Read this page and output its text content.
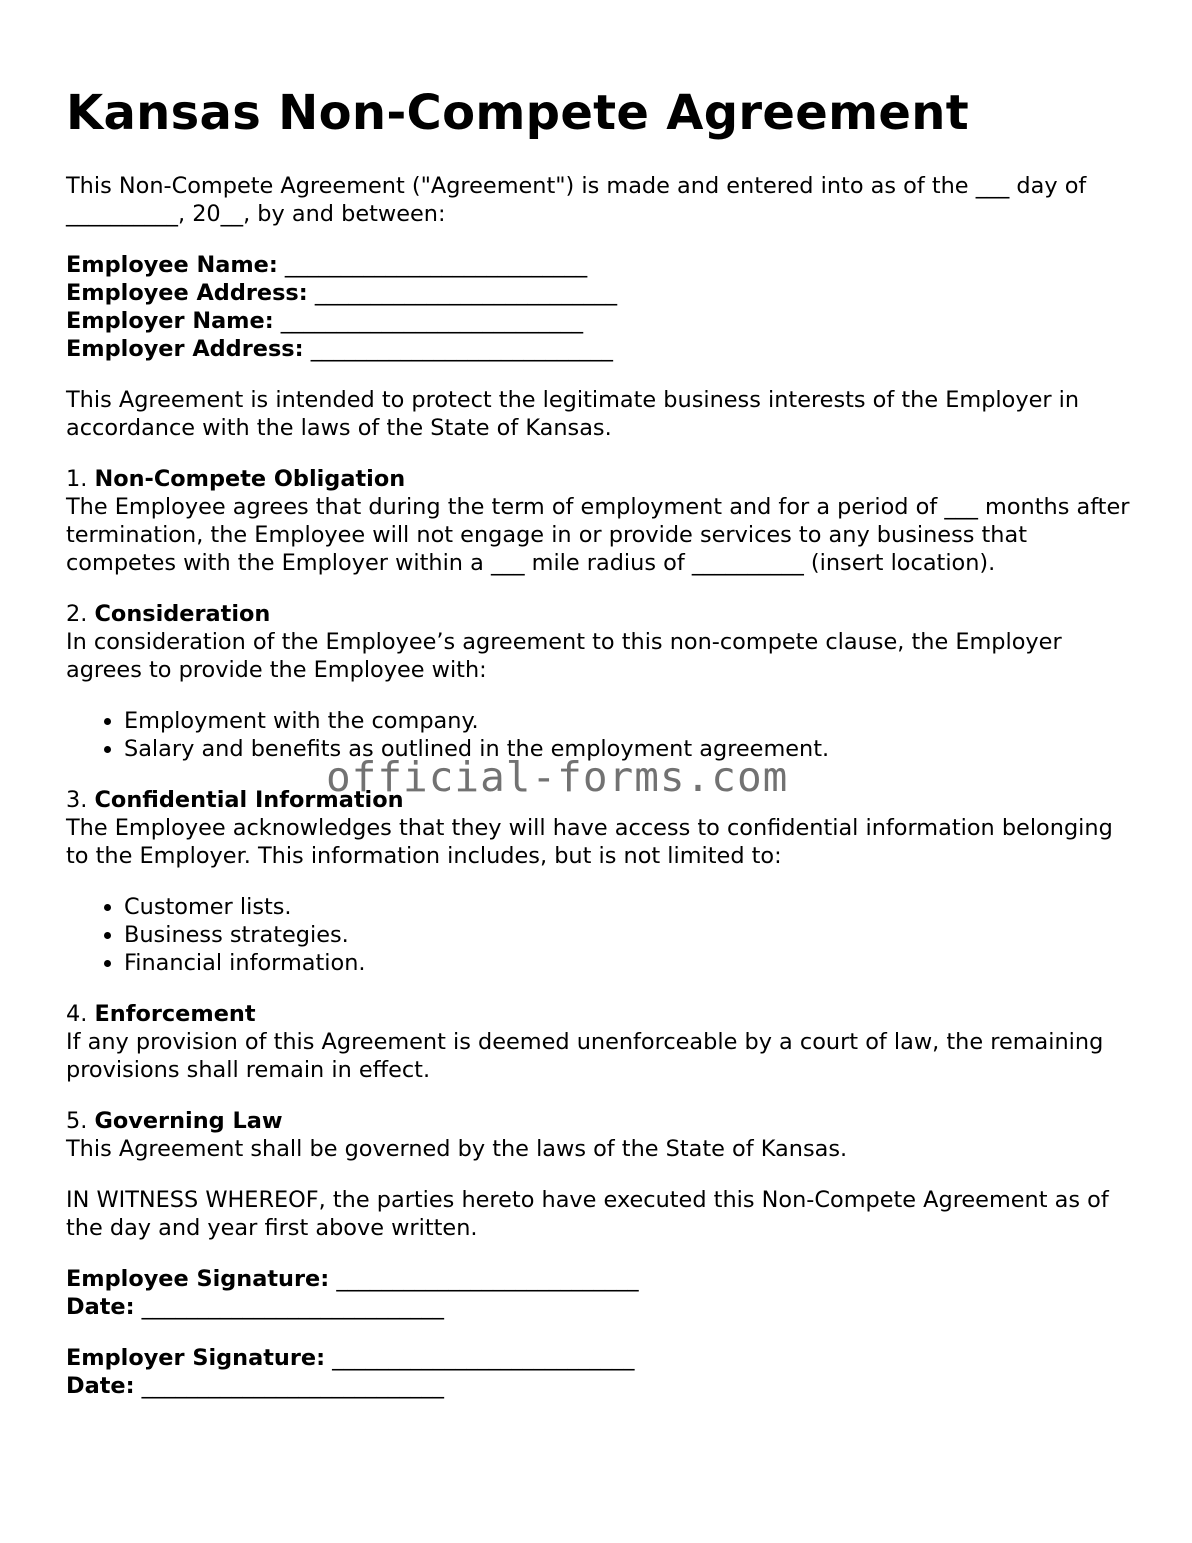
Kansas Non-Compete Agreement

This Non-Compete Agreement ("Agreement") is made and entered into as of the ___ day of __________, 20__, by and between:

Employee Name: ___________________________
Employee Address: ___________________________
Employer Name: ___________________________
Employer Address: ___________________________

This Agreement is intended to protect the legitimate business interests of the Employer in accordance with the laws of the State of Kansas.

1. Non-Compete Obligation
The Employee agrees that during the term of employment and for a period of ___ months after termination, the Employee will not engage in or provide services to any business that competes with the Employer within a ___ mile radius of __________ (insert location).

2. Consideration
In consideration of the Employee’s agreement to this non-compete clause, the Employer agrees to provide the Employee with:

• Employment with the company.
• Salary and benefits as outlined in the employment agreement.

3. Confidential Information
The Employee acknowledges that they will have access to confidential information belonging to the Employer. This information includes, but is not limited to:

• Customer lists.
• Business strategies.
• Financial information.

4. Enforcement
If any provision of this Agreement is deemed unenforceable by a court of law, the remaining provisions shall remain in effect.

5. Governing Law
This Agreement shall be governed by the laws of the State of Kansas.

IN WITNESS WHEREOF, the parties hereto have executed this Non-Compete Agreement as of the day and year first above written.

Employee Signature: ___________________________
Date: ___________________________
Employer Signature: ___________________________
Date: ___________________________
official-forms.com
